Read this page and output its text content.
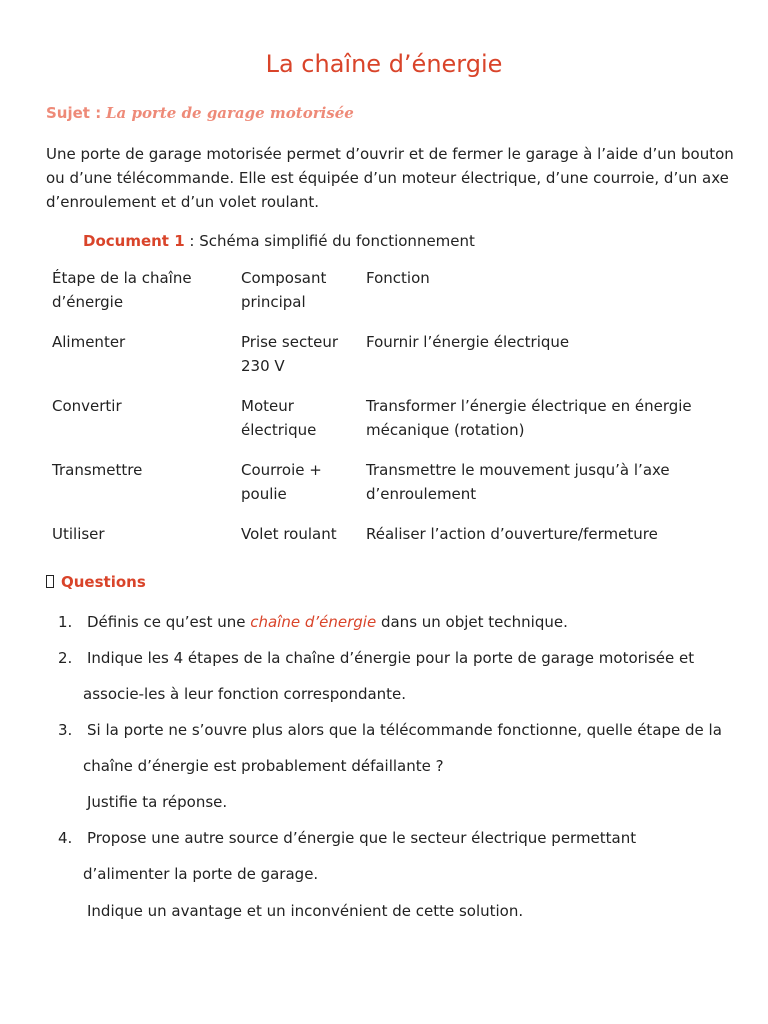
La chaîne d’énergie
Sujet : La porte de garage motorisée
Une porte de garage motorisée permet d’ouvrir et de fermer le garage à l’aide d’un bouton ou d’une télécommande. Elle est équipée d’un moteur électrique, d’une courroie, d’un axe d’enroulement et d’un volet roulant.
Document 1 : Schéma simplifié du fonctionnement
Étape de la chaîne d’énergie	Composant principal	Fonction
Alimenter	Prise secteur 230 V	Fournir l’énergie électrique
Convertir	Moteur électrique	Transformer l’énergie électrique en énergie mécanique (rotation)
Transmettre	Courroie + poulie	Transmettre le mouvement jusqu’à l’axe d’enroulement
Utiliser	Volet roulant	Réaliser l’action d’ouverture/fermeture
Questions
1. Définis ce qu’est une chaîne d’énergie dans un objet technique.
2. Indique les 4 étapes de la chaîne d’énergie pour la porte de garage motorisée et
associe-les à leur fonction correspondante.
3. Si la porte ne s’ouvre plus alors que la télécommande fonctionne, quelle étape de la
chaîne d’énergie est probablement défaillante ?
Justifie ta réponse.
4. Propose une autre source d’énergie que le secteur électrique permettant
d’alimenter la porte de garage.
Indique un avantage et un inconvénient de cette solution.
